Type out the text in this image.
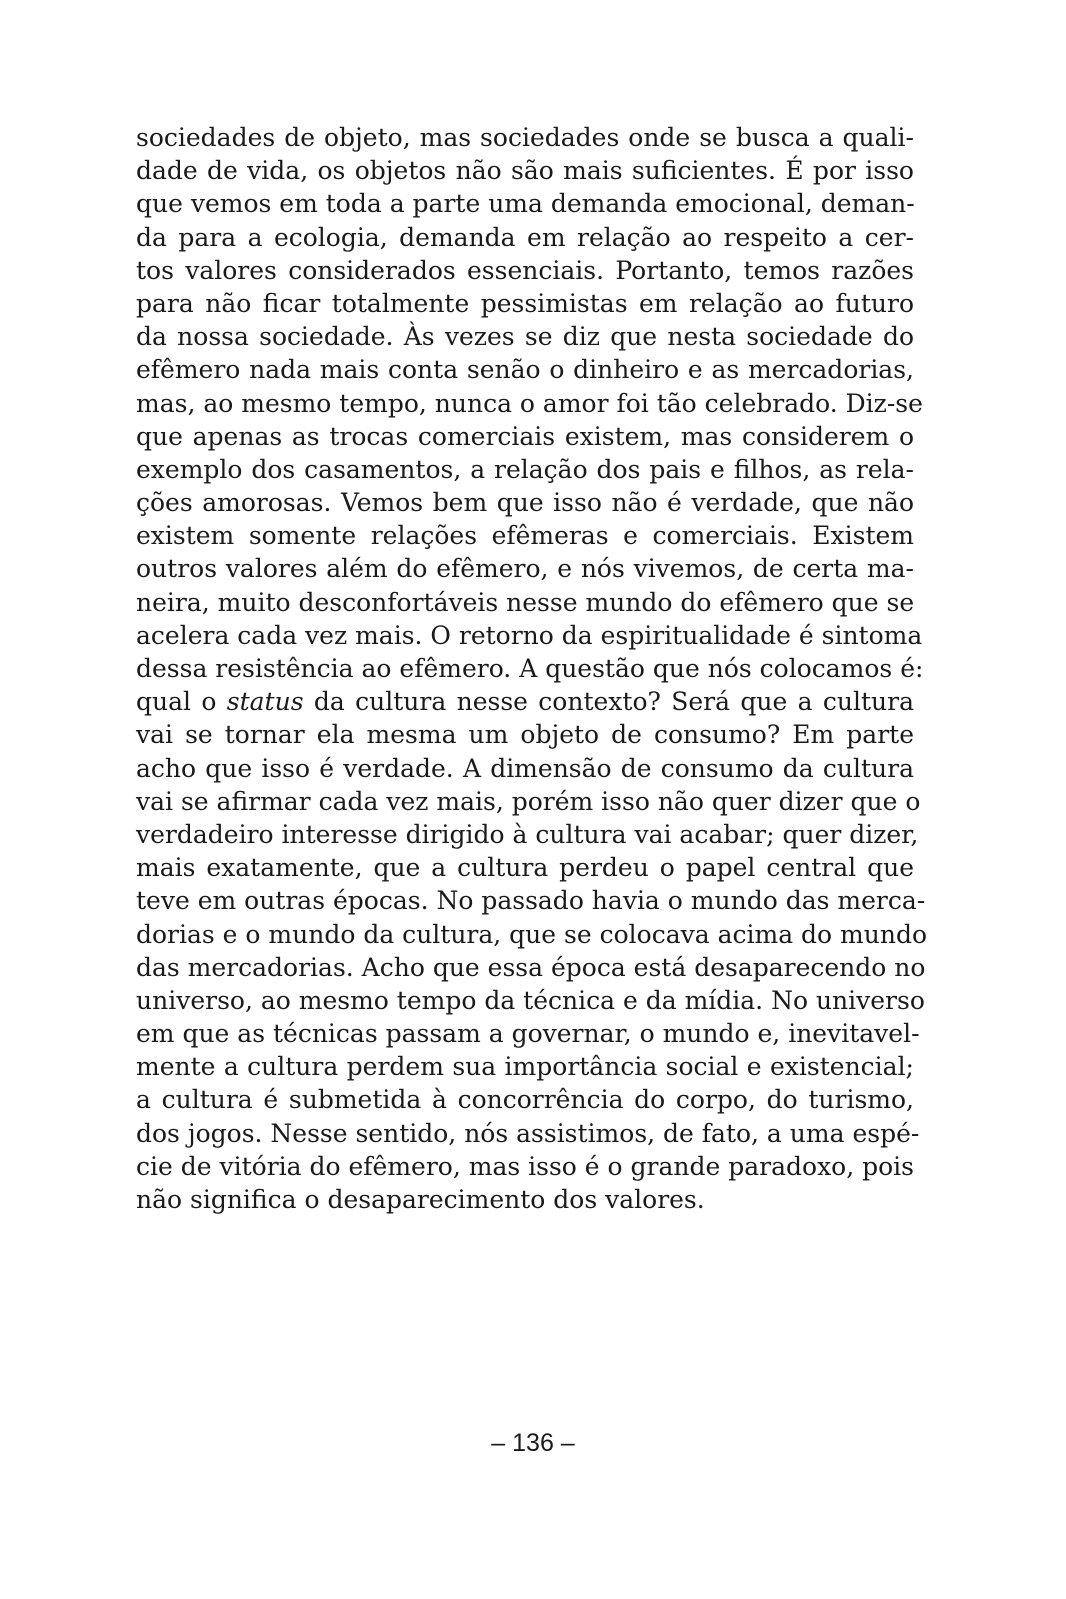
sociedades de objeto, mas sociedades onde se busca a quali-
dade de vida, os objetos não são mais suficientes. É por isso
que vemos em toda a parte uma demanda emocional, deman-
da para a ecologia, demanda em relação ao respeito a cer-
tos valores considerados essenciais. Portanto, temos razões
para não ficar totalmente pessimistas em relação ao futuro
da nossa sociedade. Às vezes se diz que nesta sociedade do
efêmero nada mais conta senão o dinheiro e as mercadorias,
mas, ao mesmo tempo, nunca o amor foi tão celebrado. Diz-se
que apenas as trocas comerciais existem, mas considerem o
exemplo dos casamentos, a relação dos pais e filhos, as rela-
ções amorosas. Vemos bem que isso não é verdade, que não
existem somente relações efêmeras e comerciais. Existem
outros valores além do efêmero, e nós vivemos, de certa ma-
neira, muito desconfortáveis nesse mundo do efêmero que se
acelera cada vez mais. O retorno da espiritualidade é sintoma
dessa resistência ao efêmero. A questão que nós colocamos é:
qual o status da cultura nesse contexto? Será que a cultura
vai se tornar ela mesma um objeto de consumo? Em parte
acho que isso é verdade. A dimensão de consumo da cultura
vai se afirmar cada vez mais, porém isso não quer dizer que o
verdadeiro interesse dirigido à cultura vai acabar; quer dizer,
mais exatamente, que a cultura perdeu o papel central que
teve em outras épocas. No passado havia o mundo das merca-
dorias e o mundo da cultura, que se colocava acima do mundo
das mercadorias. Acho que essa época está desaparecendo no
universo, ao mesmo tempo da técnica e da mídia. No universo
em que as técnicas passam a governar, o mundo e, inevitavel-
mente a cultura perdem sua importância social e existencial;
a cultura é submetida à concorrência do corpo, do turismo,
dos jogos. Nesse sentido, nós assistimos, de fato, a uma espé-
cie de vitória do efêmero, mas isso é o grande paradoxo, pois
não significa o desaparecimento dos valores.

– 136 –
